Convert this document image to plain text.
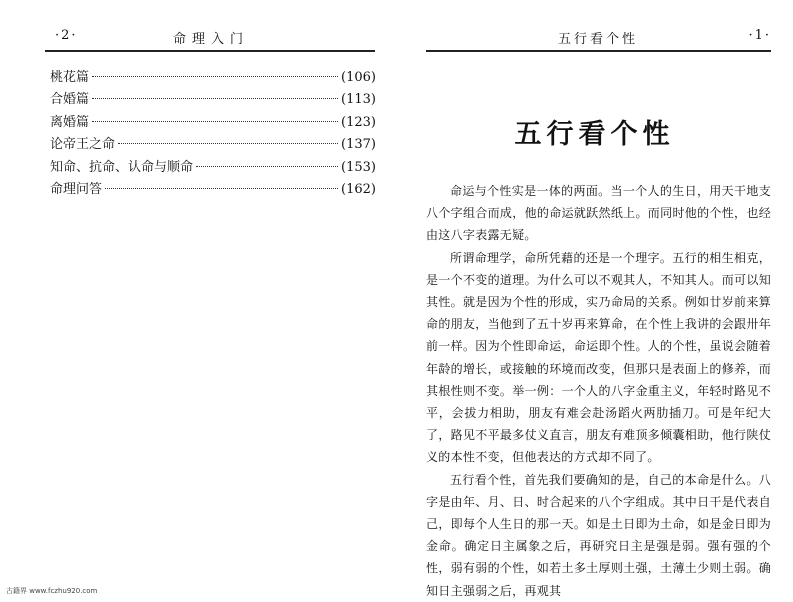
·2·	命理入门
桃花篇	(106)
合婚篇	(113)
离婚篇	(123)
论帝王之命	(137)
知命、抗命、认命与顺命	(153)
命理问答	(162)
古籍界 www.fczhu920.com
五行看个性	·1·
五行看个性

命运与个性实是一体的两面。当一个人的生日，用天干地支八个字组合而成，他的命运就跃然纸上。而同时他的个性，也经由这八字表露无疑。

所谓命理学，命所凭藉的还是一个理字。五行的相生相克，是一个不变的道理。为什么可以不观其人，不知其人。而可以知其性。就是因为个性的形成，实乃命局的关系。例如廿岁前来算命的朋友，当他到了五十岁再来算命，在个性上我讲的会跟卅年前一样。因为个性即命运，命运即个性。人的个性，虽说会随着年龄的增长，或接触的环境而改变，但那只是表面上的修养，而其根性则不变。举一例：一个人的八字金重主义，年轻时路见不平，会拔力相助，朋友有难会赴汤蹈火两肋插刀。可是年纪大了，路见不平最多仗义直言，朋友有难顶多倾囊相助，他行陕仗义的本性不变，但他表达的方式却不同了。

五行看个性，首先我们要确知的是，自己的本命是什么。八字是由年、月、日、时合起来的八个字组成。其中日干是代表自己，即每个人生日的那一天。如是土日即为土命，如是金日即为金命。确定日主属象之后，再研究日主是强是弱。强有强的个性，弱有弱的个性，如若土多土厚则土强，土薄土少则土弱。确知日主强弱之后，再观其
